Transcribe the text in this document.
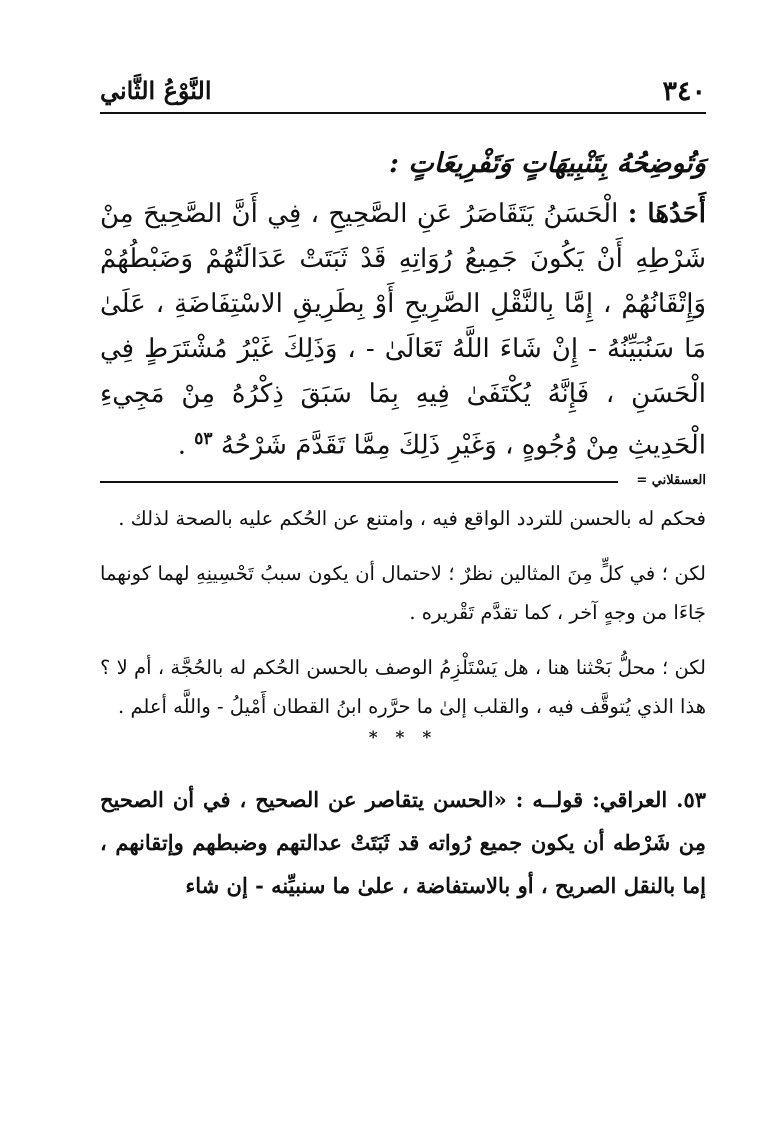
٣٤٠
النَّوْعُ الثَّاني
وَتُوضِحُهُ بِتَنْبِيهَاتٍ وَتَفْرِيعَاتٍ :

أَحَدُهَا : الْحَسَنُ يَتَقَاصَرُ عَنِ الصَّحِيحِ ، فِي أَنَّ الصَّحِيحَ مِنْ شَرْطِهِ أَنْ يَكُونَ جَمِيعُ رُوَاتِهِ قَدْ ثَبَتَتْ عَدَالَتُهُمْ وَضَبْطُهُمْ وَإِتْقَانُهُمْ ، إِمَّا بِالنَّقْلِ الصَّرِيحِ أَوْ بِطَرِيقِ الاسْتِفَاضَةِ ، عَلَىٰ مَا سَنُبَيِّنُهُ - إِنْ شَاءَ اللَّهُ تَعَالَىٰ - ، وَذَلِكَ غَيْرُ مُشْتَرَطٍ فِي الْحَسَنِ ، فَإِنَّهُ يُكْتَفَىٰ فِيهِ بِمَا سَبَقَ ذِكْرُهُ مِنْ مَجِيءِ الْحَدِيثِ مِنْ وُجُوهٍ ، وَغَيْرِ ذَلِكَ مِمَّا تَقَدَّمَ شَرْحُهُ $^{٥٣}$ .

العسقلاني =

فحكم له بالحسن للتردد الواقع فيه ، وامتنع عن الحُكم عليه بالصحة لذلك .

لكن ؛ في كلٍّ مِنَ المثالين نظرٌ ؛ لاحتمال أن يكون سببُ تَحْسِينِهِ لهما كونهما جَاءَا من وجهٍ آخر ، كما تقدَّم تَقْريره .

لكن ؛ محلُّ بَحْثنا هنا ، هل يَسْتَلْزِمُ الوصف بالحسن الحُكم له بالحُجَّة ، أم لا ؟ هذا الذي يُتوقَّف فيه ، والقلب إلىٰ ما حرَّره ابنُ القطان أَمْيلُ - واللَّه أعلم .

* * *

٥٣. العراقي: قولــه : «الحسن يتقاصر عن الصحيح ، في أن الصحيح مِن شَرْطه أن يكون جميع رُواته قد ثَبَتَتْ عدالتهم وضبطهم وإتقانهم ، إما بالنقل الصريح ، أو بالاستفاضة ، علىٰ ما سنبيِّنه - إن شاء
